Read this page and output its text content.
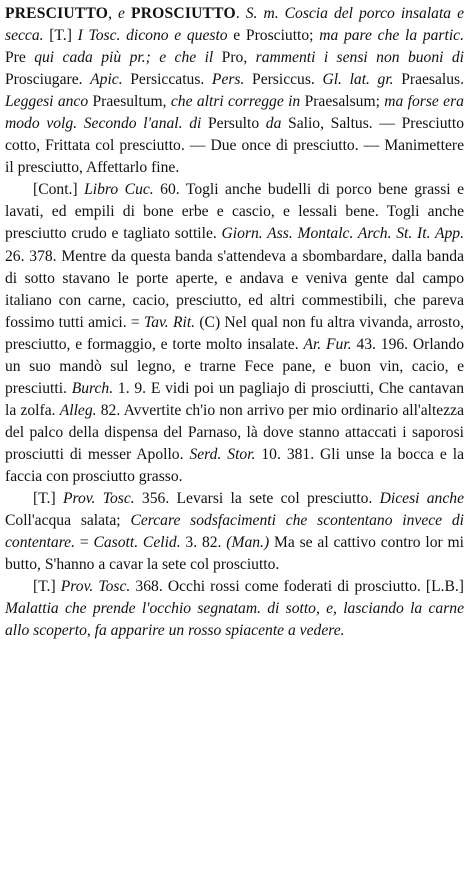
PRESCIUTTO, e PROSCIUTTO. S. m. Coscia del porco insalata e secca. [T.] I Tosc. dicono e questo e Prosciutto; ma pare che la partic. Pre qui cada più pr.; e che il Pro, rammenti i sensi non buoni di Prosciugare. Apic. Persiccatus. Pers. Persiccus. Gl. lat. gr. Praesalus. Leggesi anco Praesultum, che altri corregge in Praesalsum; ma forse era modo volg. Secondo l'anal. di Persulto da Salio, Saltus. — Presciutto cotto, Frittata col presciutto. — Due once di presciutto. — Manimettere il presciutto, Affettarlo fine.

[Cont.] Libro Cuc. 60. Togli anche budelli di porco bene grassi e lavati, ed empili di bone erbe e cascio, e lessali bene. Togli anche presciutto crudo e tagliato sottile. Giorn. Ass. Montalc. Arch. St. It. App. 26. 378. Mentre da questa banda s'attendeva a sbombardare, dalla banda di sotto stavano le porte aperte, e andava e veniva gente dal campo italiano con carne, cacio, presciutto, ed altri commestibili, che pareva fossimo tutti amici. = Tav. Rit. (C) Nel qual non fu altra vivanda, arrosto, presciutto, e formaggio, e torte molto insalate. Ar. Fur. 43. 196. Orlando un suo mandò sul legno, e trarne Fece pane, e buon vin, cacio, e presciutti. Burch. 1. 9. E vidi poi un pagliajo di prosciutti, Che cantavan la zolfa. Alleg. 82. Avvertite ch'io non arrivo per mio ordinario all'altezza del palco della dispensa del Parnaso, là dove stanno attaccati i saporosi prosciutti di messer Apollo. Serd. Stor. 10. 381. Gli unse la bocca e la faccia con prosciutto grasso.

[T.] Prov. Tosc. 356. Levarsi la sete col presciutto. Dicesi anche Coll'acqua salata; Cercare sodsfacimenti che scontentano invece di contentare. = Casott. Celid. 3. 82. (Man.) Ma se al cattivo contro lor mi butto, S'hanno a cavar la sete col prosciutto.

[T.] Prov. Tosc. 368. Occhi rossi come foderati di prosciutto. [L.B.] Malattia che prende l'occhio segnatam. di sotto, e, lasciando la carne allo scoperto, fa apparire un rosso spiacente a vedere.
